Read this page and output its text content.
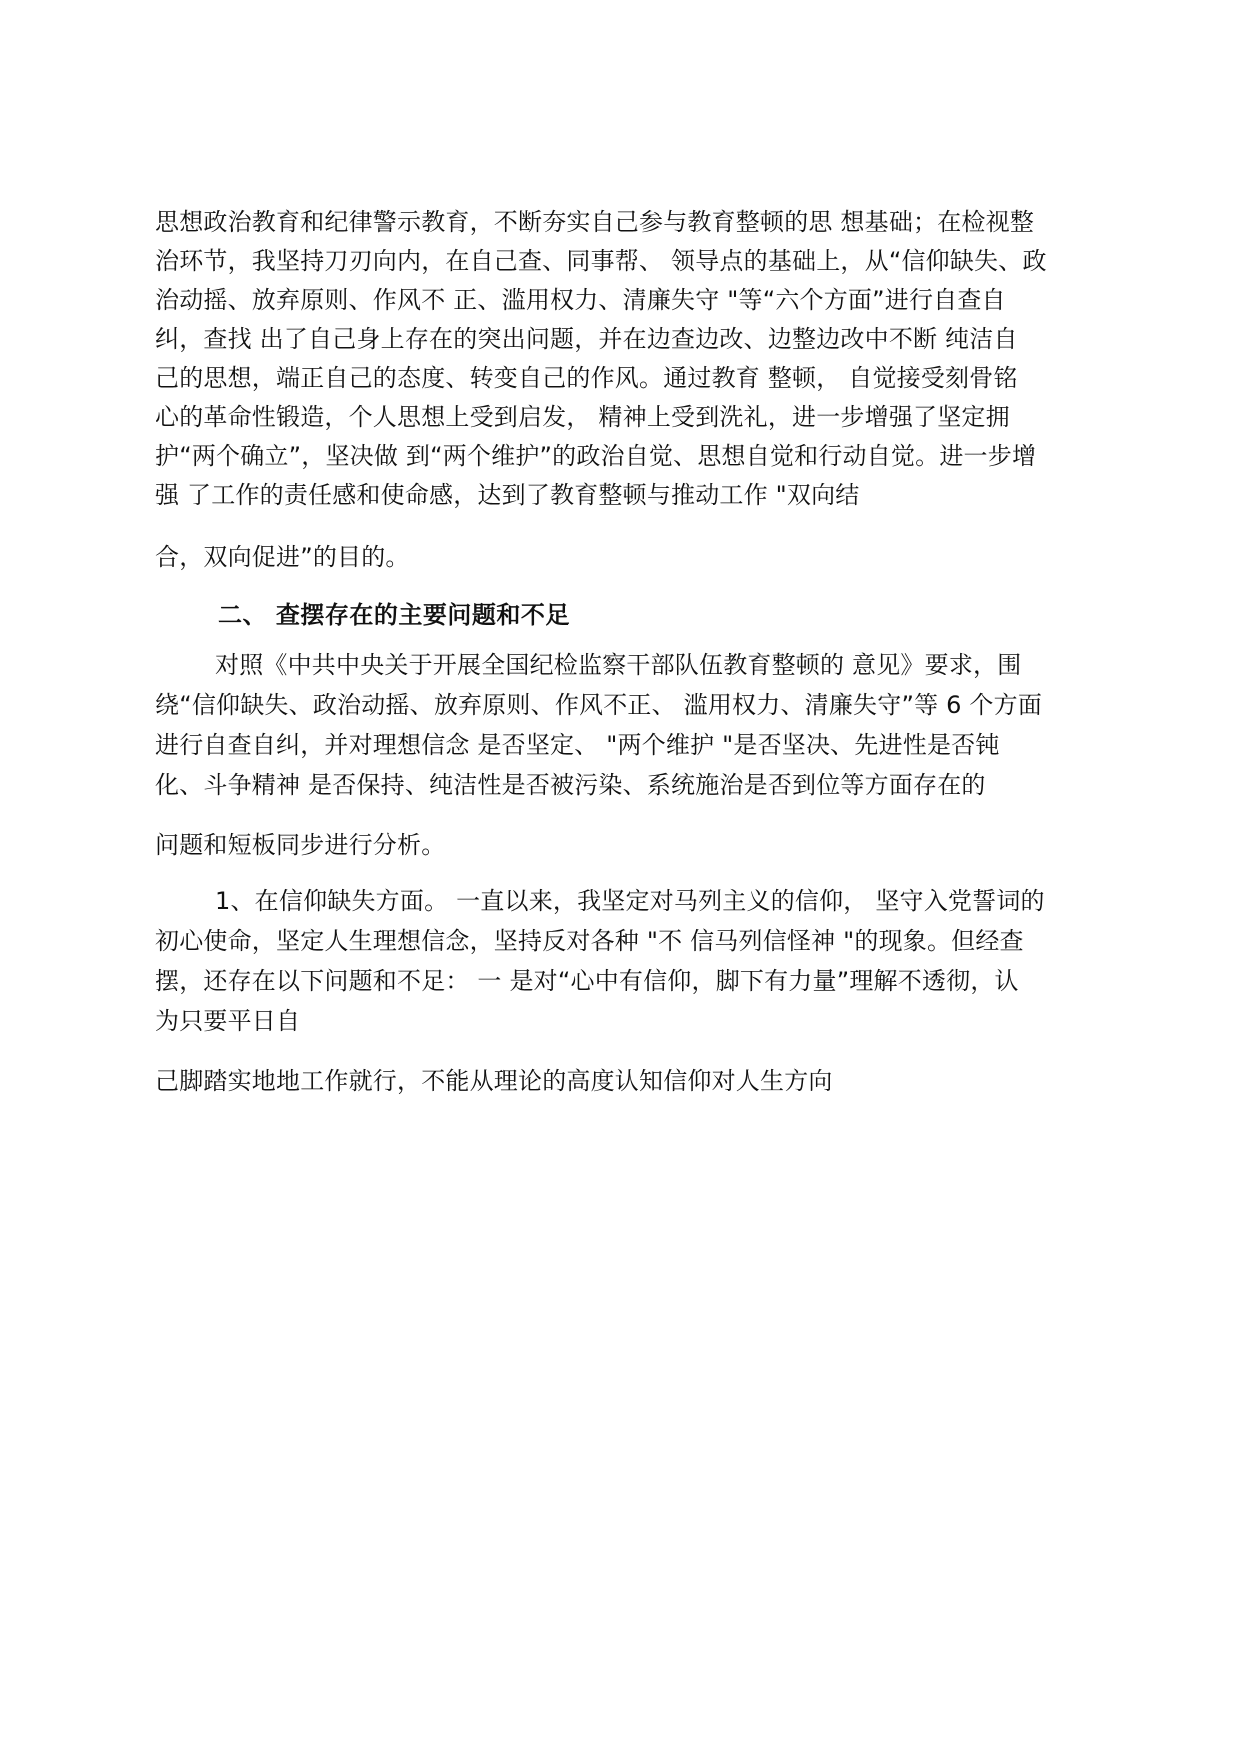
思想政治教育和纪律警示教育，不断夯实自己参与教育整顿的思 想基础；在检视整
治环节，我坚持刀刃向内，在自己查、同事帮、 领导点的基础上，从“信仰缺失、政
治动摇、放弃原则、作风不 正、滥用权力、清廉失守 "等“六个方面”进行自查自
纠，查找 出了自己身上存在的突出问题，并在边查边改、边整边改中不断 纯洁自
己的思想，端正自己的态度、转变自己的作风。通过教育 整顿， 自觉接受刻骨铭
心的革命性锻造，个人思想上受到启发， 精神上受到洗礼，进一步增强了坚定拥
护“两个确立”，坚决做 到“两个维护”的政治自觉、思想自觉和行动自觉。进一步增
强 了工作的责任感和使命感，达到了教育整顿与推动工作 "双向结
合，双向促进”的目的。
二、 查摆存在的主要问题和不足
对照《中共中央关于开展全国纪检监察干部队伍教育整顿的 意见》要求，围
绕“信仰缺失、政治动摇、放弃原则、作风不正、 滥用权力、清廉失守”等 6 个方面
进行自查自纠，并对理想信念 是否坚定、 "两个维护 "是否坚决、先进性是否钝
化、斗争精神 是否保持、纯洁性是否被污染、系统施治是否到位等方面存在的
问题和短板同步进行分析。
1、在信仰缺失方面。 一直以来，我坚定对马列主义的信仰， 坚守入党誓词的
初心使命，坚定人生理想信念，坚持反对各种 "不 信马列信怪神 "的现象。但经查
摆，还存在以下问题和不足： 一 是对“心中有信仰，脚下有力量”理解不透彻，认
为只要平日自
己脚踏实地地工作就行，不能从理论的高度认知信仰对人生方向
